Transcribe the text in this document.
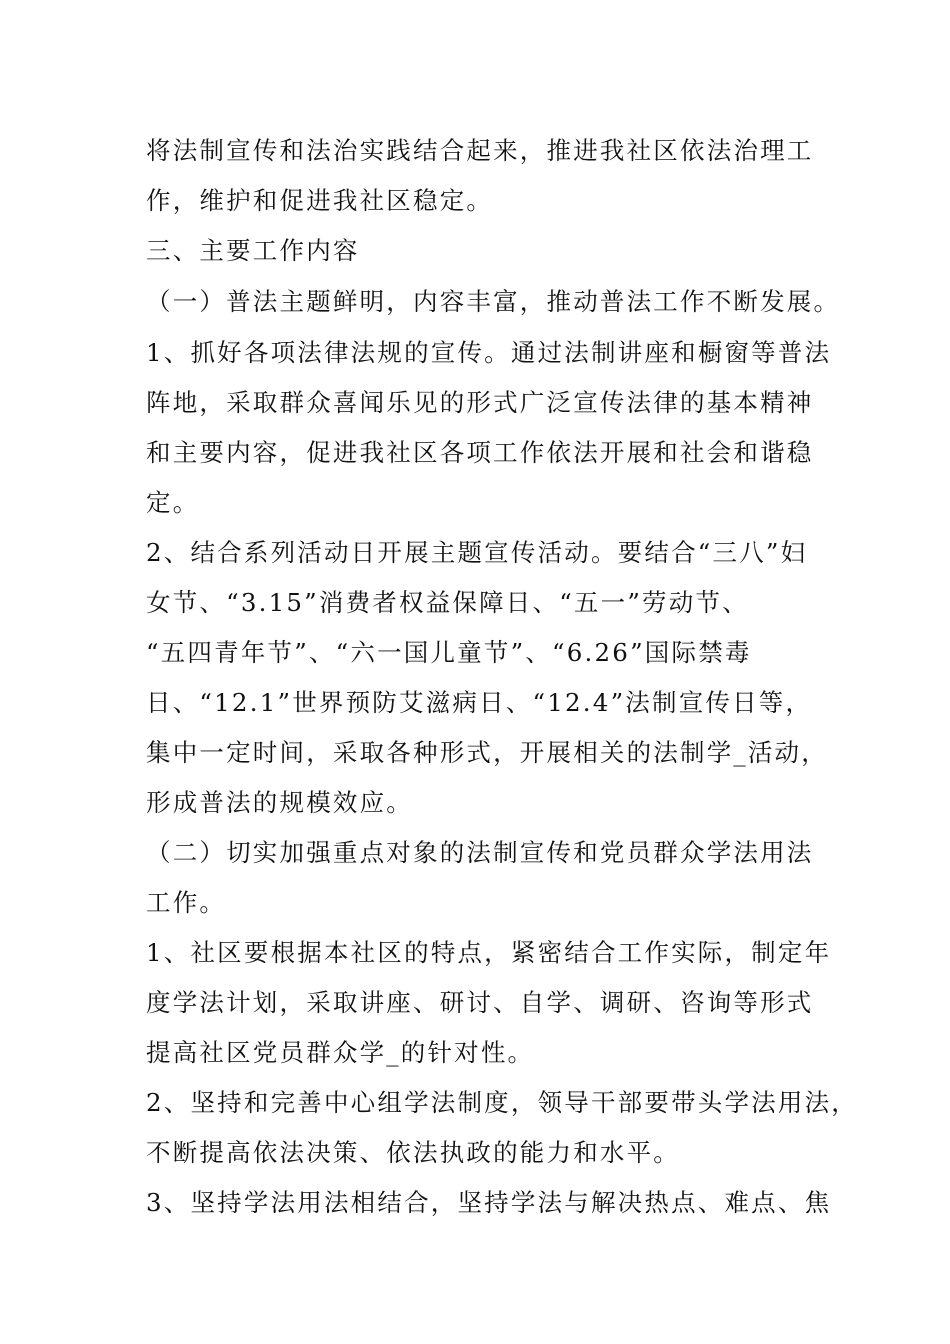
将法制宣传和法治实践结合起来，推进我社区依法治理工
作，维护和促进我社区稳定。
三、主要工作内容
（一）普法主题鲜明，内容丰富，推动普法工作不断发展。
1、抓好各项法律法规的宣传。通过法制讲座和橱窗等普法
阵地，采取群众喜闻乐见的形式广泛宣传法律的基本精神
和主要内容，促进我社区各项工作依法开展和社会和谐稳
定。
2、结合系列活动日开展主题宣传活动。要结合“三八”妇
女节、“3.15”消费者权益保障日、“五一”劳动节、
“五四青年节”、“六一国儿童节”、“6.26”国际禁毒
日、“12.1”世界预防艾滋病日、“12.4”法制宣传日等，
集中一定时间，采取各种形式，开展相关的法制学_活动，
形成普法的规模效应。
（二）切实加强重点对象的法制宣传和党员群众学法用法
工作。
1、社区要根据本社区的特点，紧密结合工作实际，制定年
度学法计划，采取讲座、研讨、自学、调研、咨询等形式
提高社区党员群众学_的针对性。
2、坚持和完善中心组学法制度，领导干部要带头学法用法，
不断提高依法决策、依法执政的能力和水平。
3、坚持学法用法相结合，坚持学法与解决热点、难点、焦
